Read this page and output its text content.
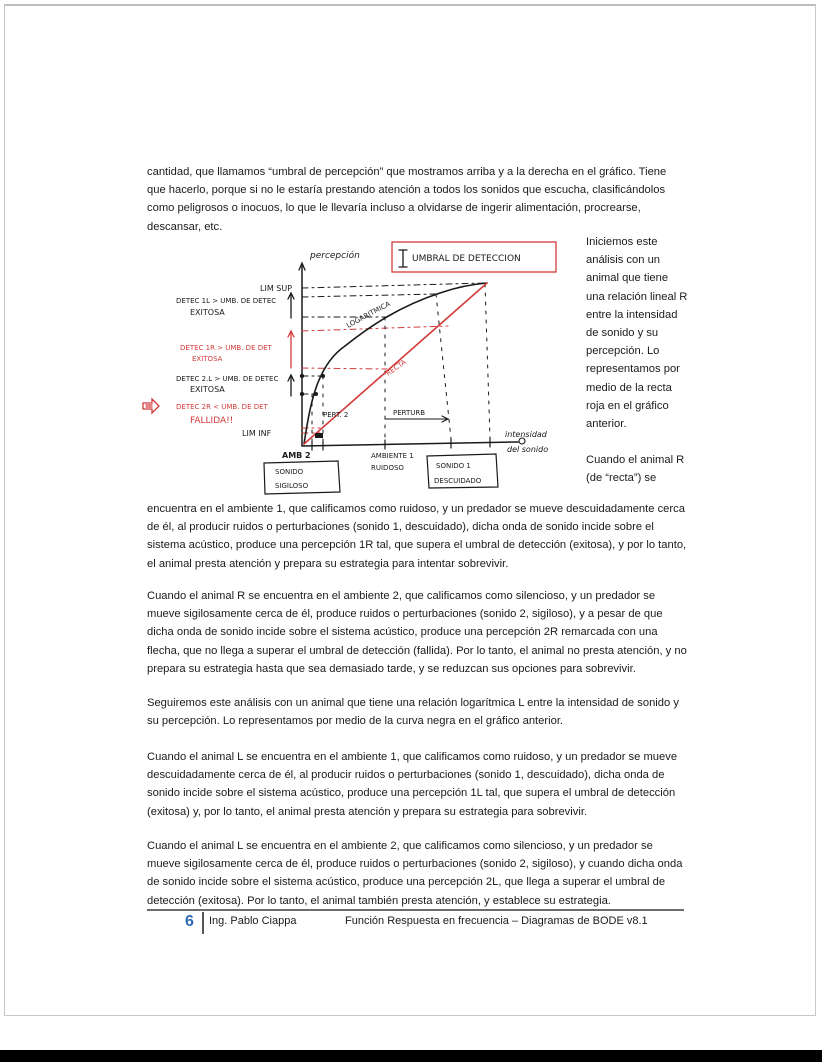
cantidad, que llamamos “umbral de percepción” que mostramos arriba y a la derecha en el gráfico. Tiene que hacerlo, porque si no le estaría prestando atención a todos los sonidos que escucha, clasificándolos como peligrosos o inocuos, lo que le llevaría incluso a olvidarse de ingerir alimentación, procrearse, descansar, etc.

percepción	UMBRAL DE DETECCION
LIM SUP
DETEC 1L > UMB. DE DETEC
EXITOSA
LIM INF
DETEC 2.L > UMB. DE DETEC
EXITOSA
LOGARITMICA
PERT. 2	PERTURB
AMBIENTE 1
RUIDOSO
intensidad
del sonido
AMB 2
SONIDO
SIGILOSO
SONIDO 1
DESCUIDADO
DETEC 1R > UMB. DE DET
EXITOSA
DETEC 2R < UMB. DE DET
FALLIDA!!
RECTA

Iniciemos este análisis con un animal que tiene una relación lineal R entre la intensidad de sonido y su percepción. Lo representamos por medio de la recta roja en el gráfico anterior.

Cuando el animal R (de “recta”) se

encuentra en el ambiente 1, que calificamos como ruidoso, y un predador se mueve descuidadamente cerca de él, al producir ruidos o perturbaciones (sonido 1, descuidado), dicha onda de sonido incide sobre el sistema acústico, produce una percepción 1R tal, que supera el umbral de detección (exitosa), y por lo tanto, el animal presta atención y prepara su estrategia para intentar sobrevivir.

Cuando el animal R se encuentra en el ambiente 2, que calificamos como silencioso, y un predador se mueve sigilosamente cerca de él, produce ruidos o perturbaciones (sonido 2, sigiloso), y a pesar de que dicha onda de sonido incide sobre el sistema acústico, produce una percepción 2R remarcada con una flecha, que no llega a superar el umbral de detección (fallida). Por lo tanto, el animal no presta atención, y no prepara su estrategia hasta que sea demasiado tarde, y se reduzcan sus opciones para sobrevivir.

Seguiremos este análisis con un animal que tiene una relación logarítmica L entre la intensidad de sonido y su percepción. Lo representamos por medio de la curva negra en el gráfico anterior.

Cuando el animal L se encuentra en el ambiente 1, que calificamos como ruidoso, y un predador se mueve descuidadamente cerca de él, al producir ruidos o perturbaciones (sonido 1, descuidado), dicha onda de sonido incide sobre el sistema acústico, produce una percepción 1L tal, que supera el umbral de detección (exitosa) y, por lo tanto, el animal presta atención y prepara su estrategia para sobrevivir.

Cuando el animal L se encuentra en el ambiente 2, que calificamos como silencioso, y un predador se mueve sigilosamente cerca de él, produce ruidos o perturbaciones (sonido 2, sigiloso), y cuando dicha onda de sonido incide sobre el sistema acústico, produce una percepción 2L, que llega a superar el umbral de detección (exitosa). Por lo tanto, el animal también presta atención, y establece su estrategia.

6 Ing. Pablo Ciappa	Función Respuesta en frecuencia – Diagramas de BODE v8.1
